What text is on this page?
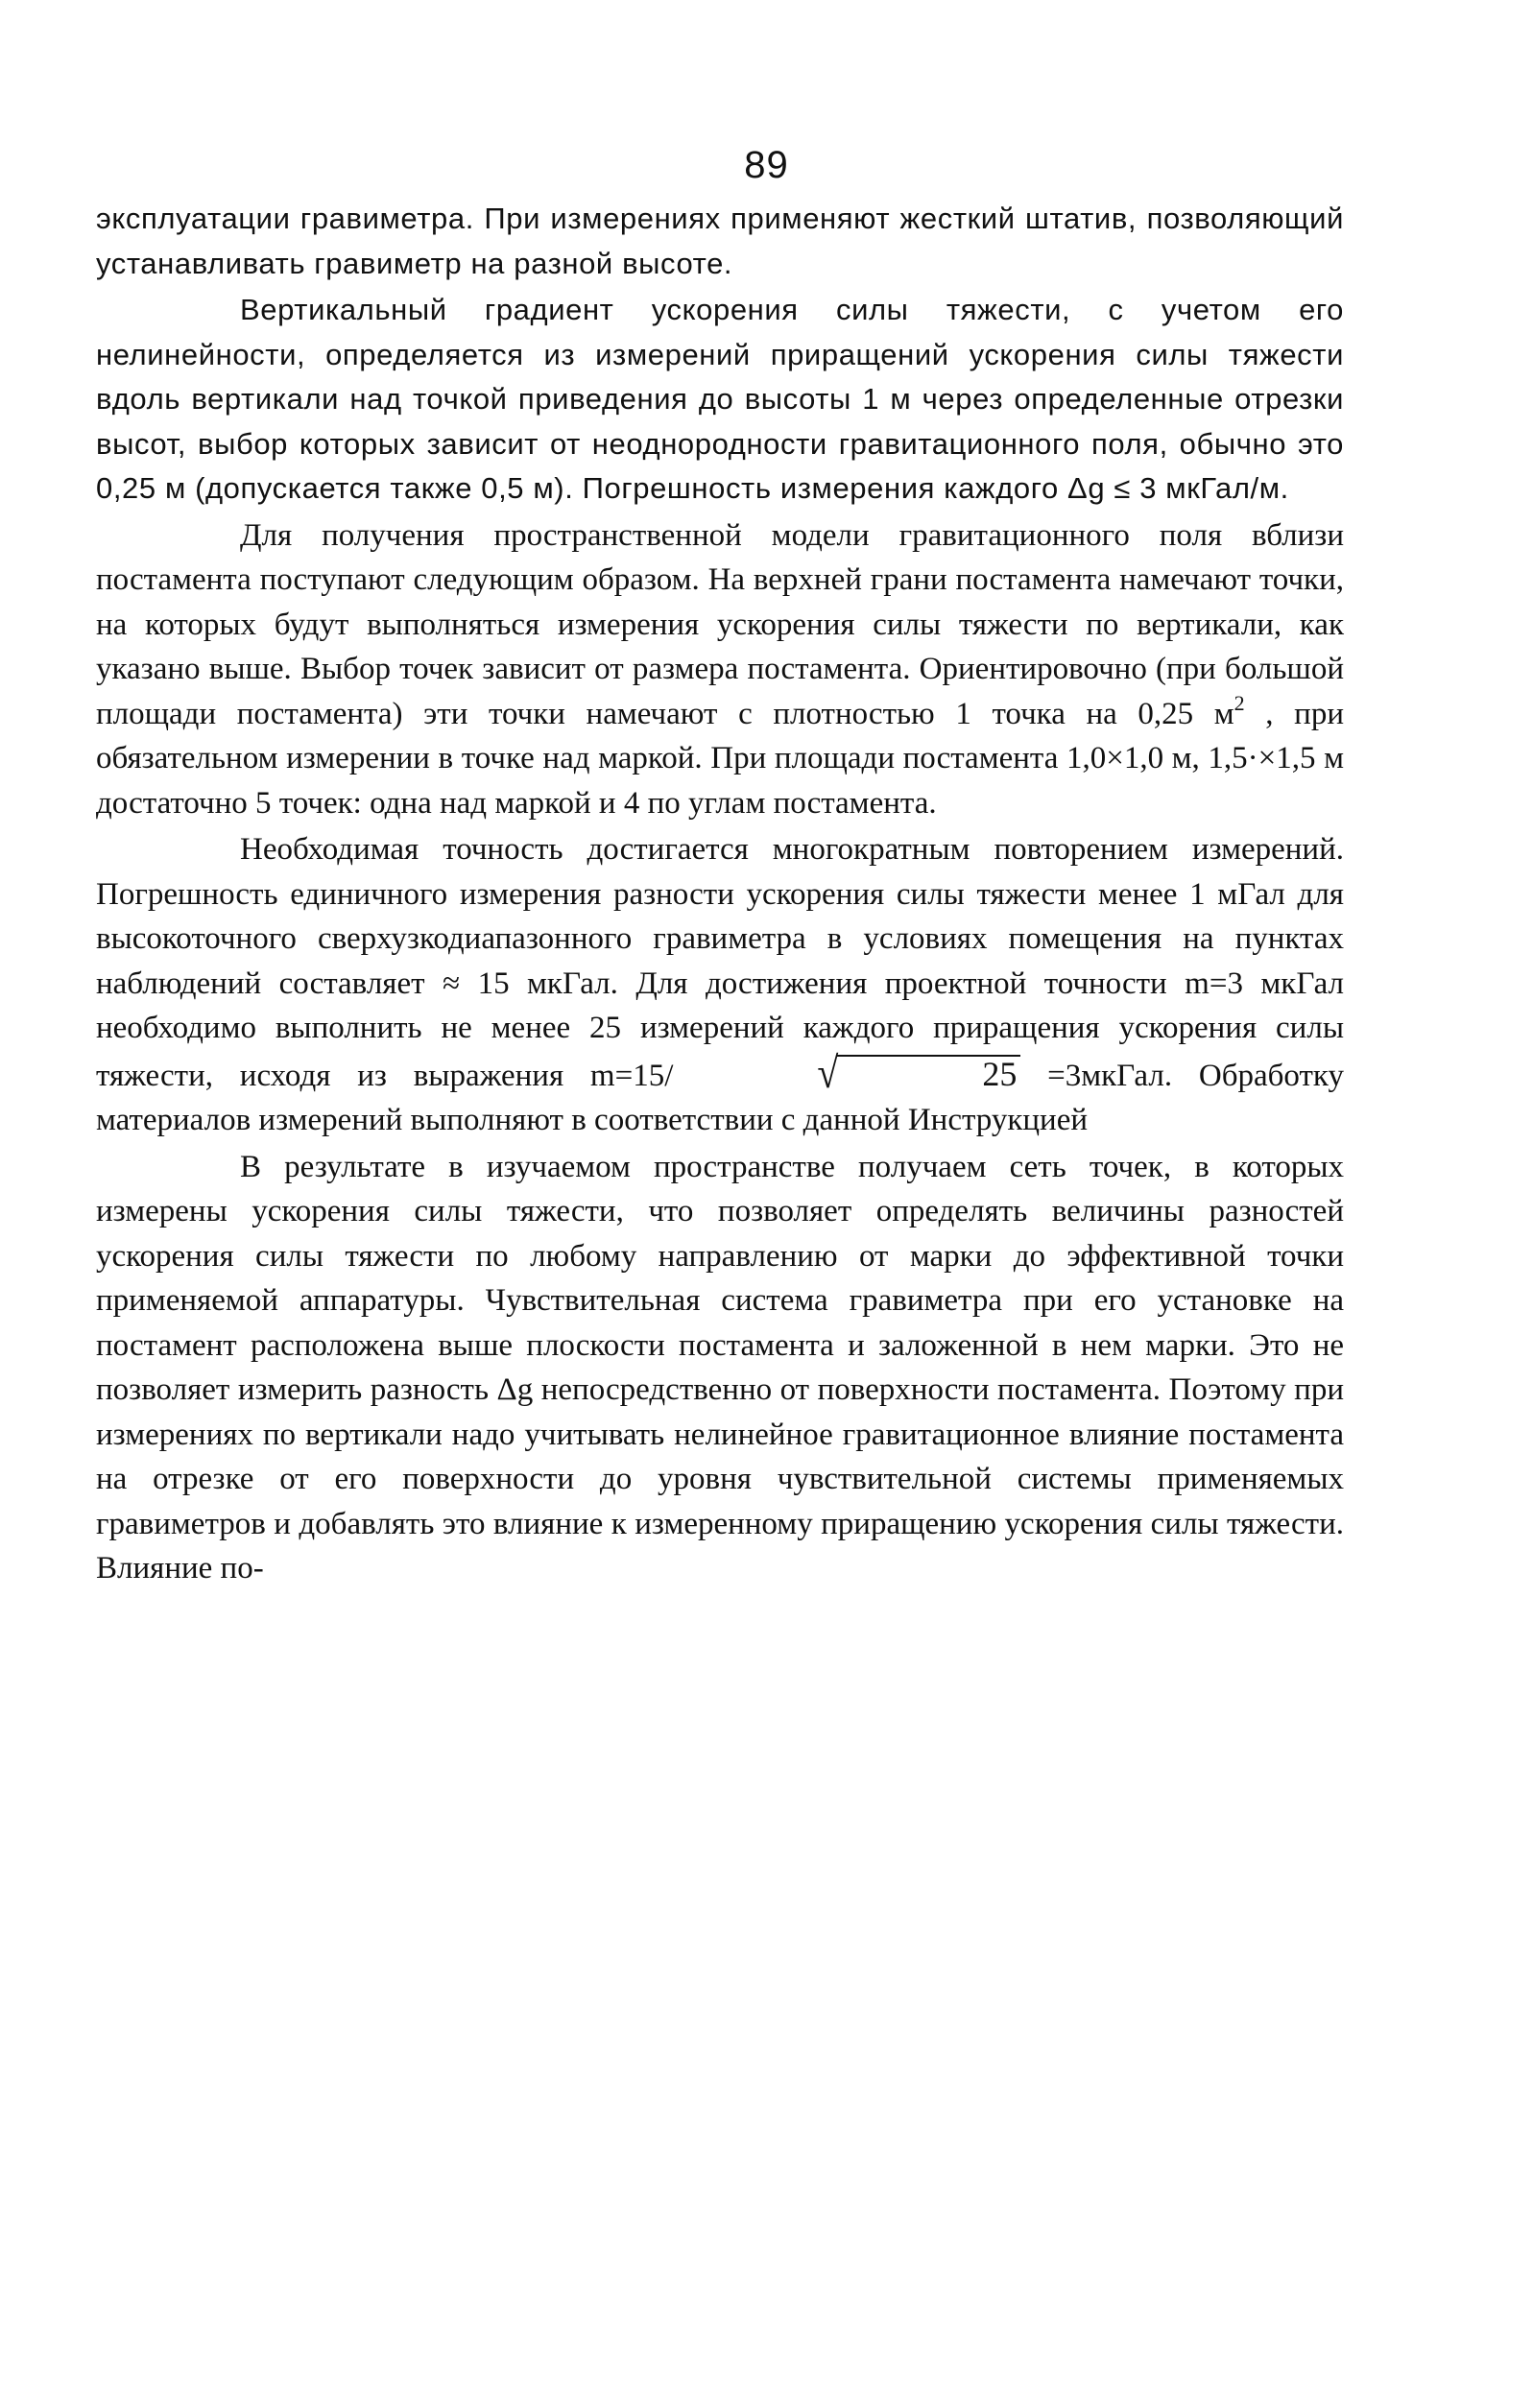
89

эксплуатации гравиметра. При измерениях применяют жесткий штатив, позволяющий устанавливать гравиметр на разной высоте.

Вертикальный градиент ускорения силы тяжести, с учетом его нелинейности, определяется из измерений приращений ускорения силы тяжести вдоль вертикали над точкой приведения до высоты 1 м через определенные отрезки высот, выбор которых зависит от неоднородности гравитационного поля, обычно это 0,25 м (допускается также 0,5 м). Погрешность измерения каждого Δg ≤ 3 мкГал/м.

Для получения пространственной модели гравитационного поля вблизи постамента поступают следующим образом. На верхней грани постамента намечают точки, на которых будут выполняться измерения ускорения силы тяжести по вертикали, как указано выше. Выбор точек зависит от размера постамента. Ориентировочно (при большой площади постамента) эти точки намечают с плотностью 1 точка на 0,25 $м^2$ , при обязательном измерении в точке над маркой. При площади постамента 1,0×1,0 м, 1,5·×1,5 м достаточно 5 точек: одна над маркой и 4 по углам постамента.

Необходимая точность достигается многократным повторением измерений. Погрешность единичного измерения разности ускорения силы тяжести менее 1 мГал для высокоточного сверхузкодиапазонного гравиметра в условиях помещения на пунктах наблюдений составляет ≈ 15 мкГал. Для достижения проектной точности m=3 мкГал необходимо выполнить не менее 25 измерений каждого приращения ускорения силы тяжести, исходя из выражения m=15/	√	25 =3мкГал. Обработку материалов измерений выполняют в соответствии с данной Инструкцией

В результате в изучаемом пространстве получаем сеть точек, в которых измерены ускорения силы тяжести, что позволяет определять величины разностей ускорения силы тяжести по любому направлению от марки до эффективной точки применяемой аппаратуры. Чувствительная система гравиметра при его установке на постамент расположена выше плоскости постамента и заложенной в нем марки. Это не позволяет измерить разность Δg непосредственно от поверхности постамента. Поэтому при измерениях по вертикали надо учитывать нелинейное гравитационное влияние постамента на отрезке от его поверхности до уровня чувствительной системы применяемых гравиметров и добавлять это влияние к измеренному приращению ускорения силы тяжести. Влияние по-
